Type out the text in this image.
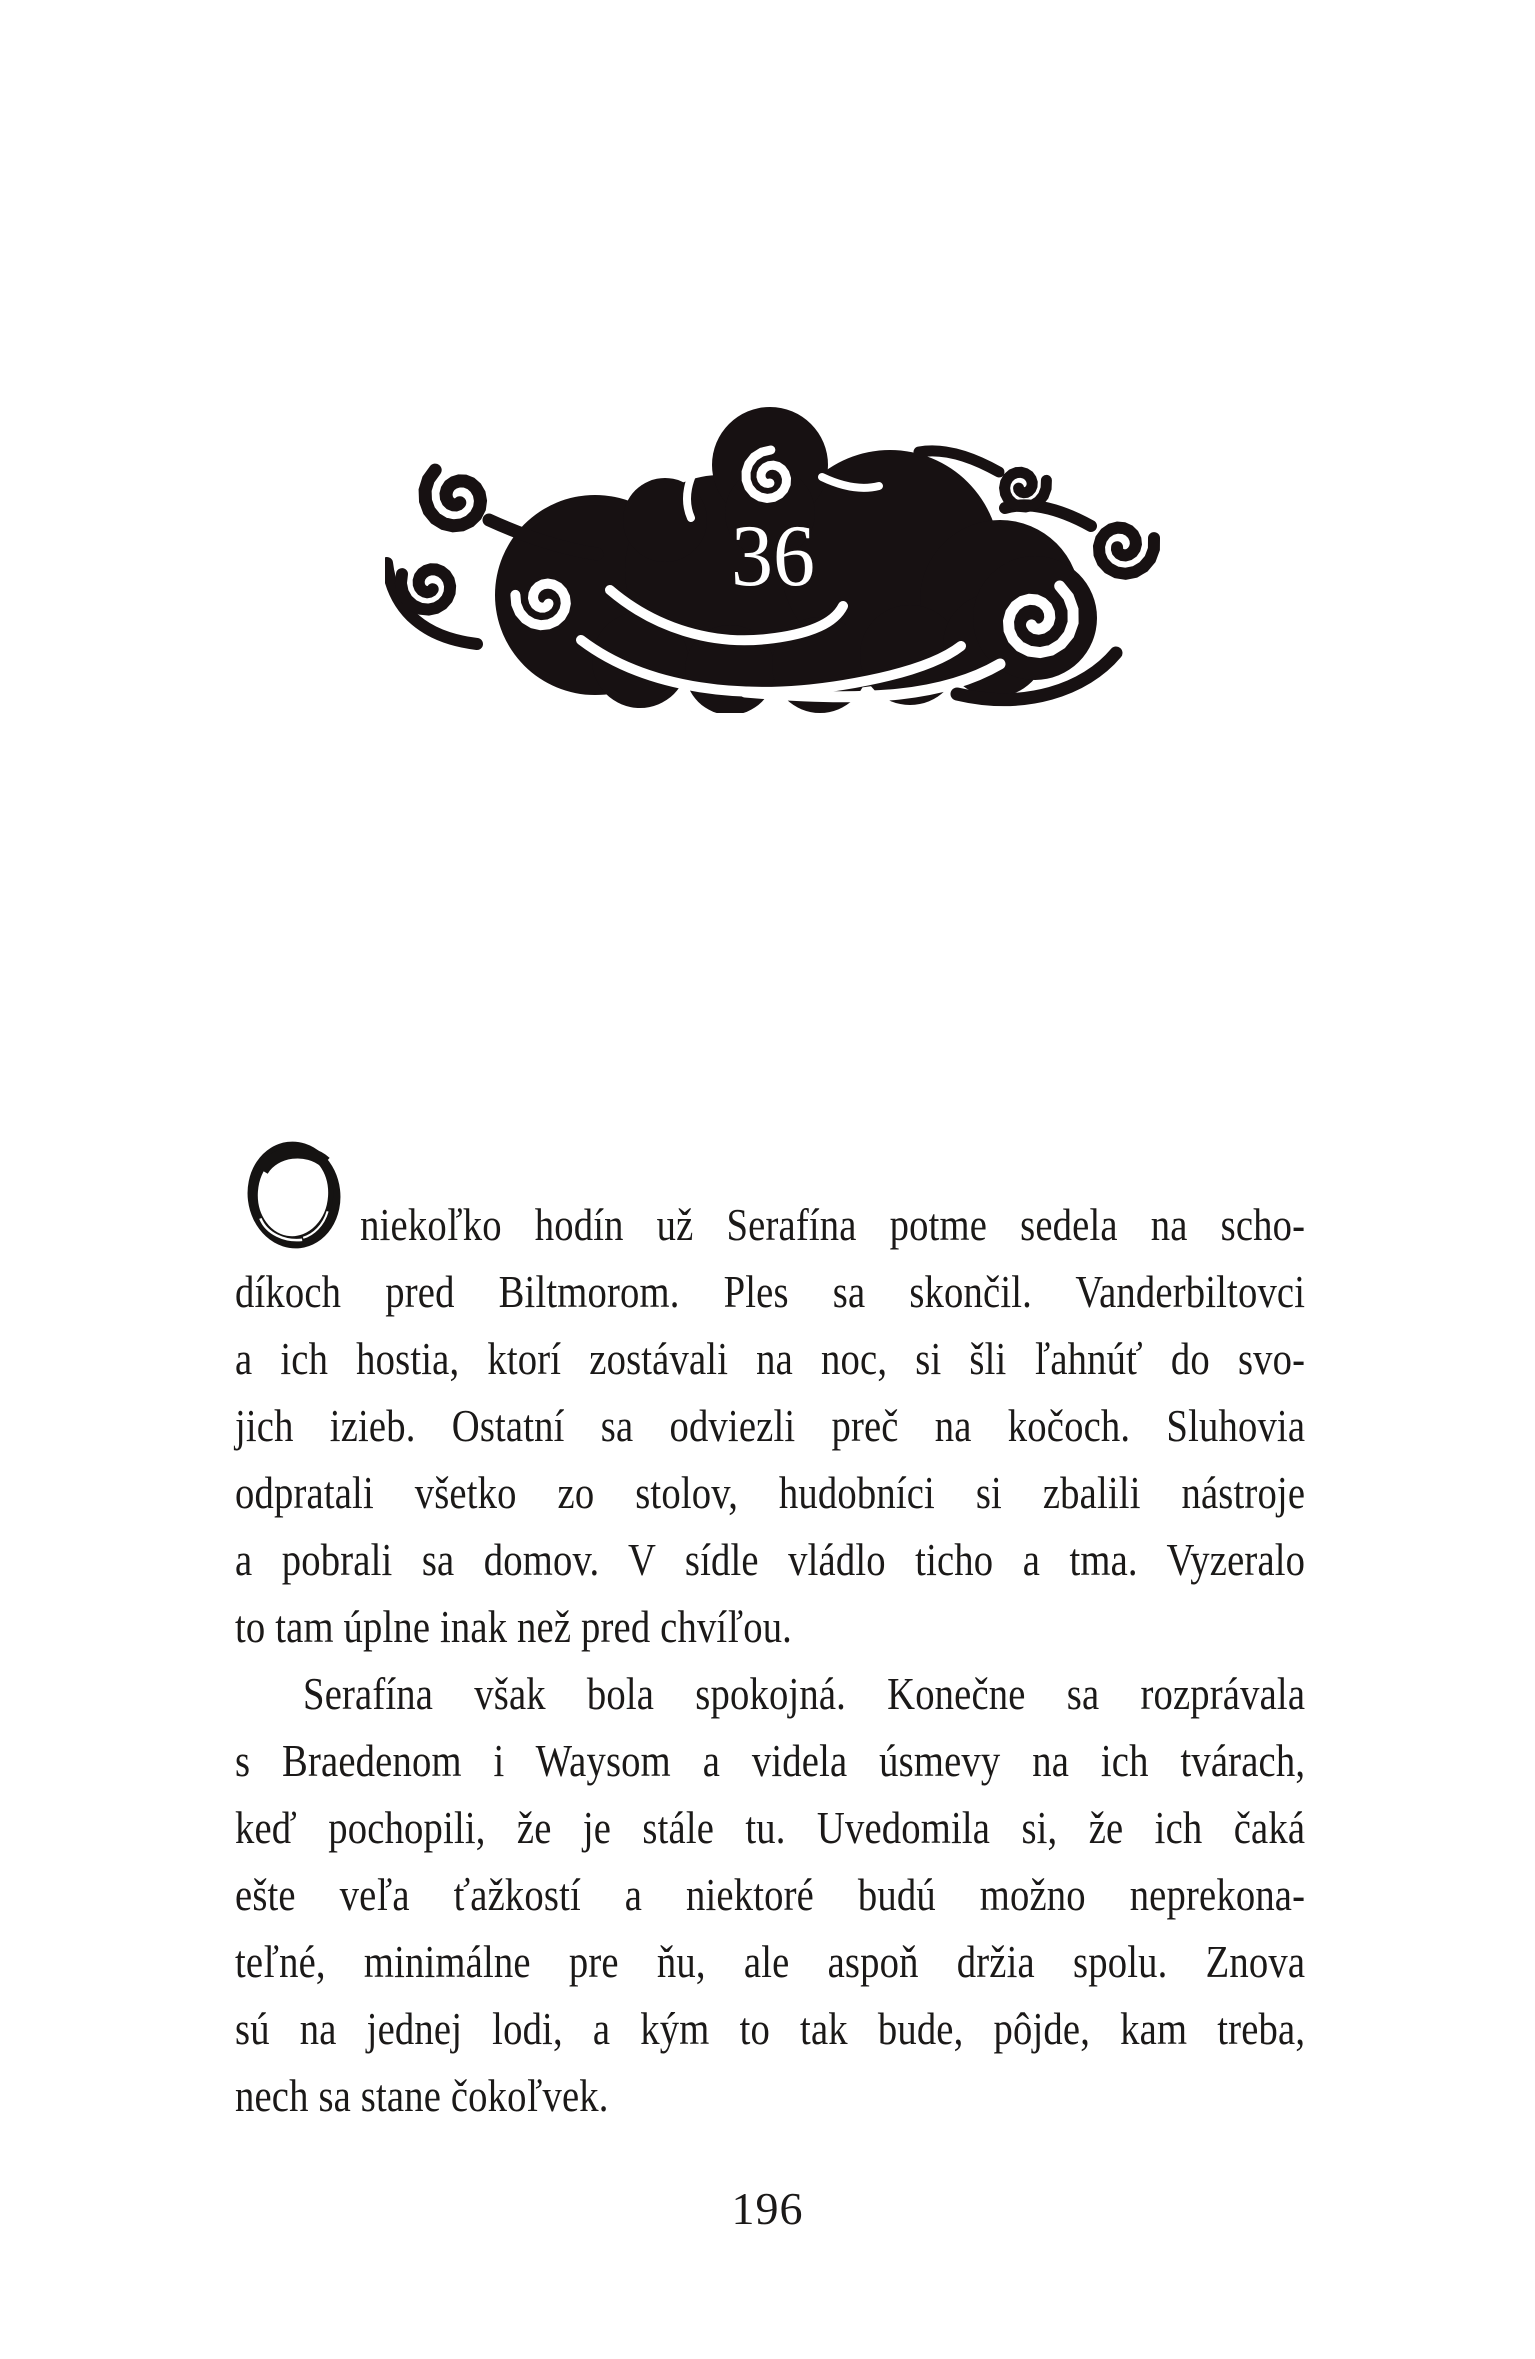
36
niekoľko hodín už Serafína potme sedela na scho-
díkoch pred Biltmorom. Ples sa skončil. Vanderbiltovci
a ich hostia, ktorí zostávali na noc, si šli ľahnúť do svo-
jich izieb. Ostatní sa odviezli preč na kočoch. Sluhovia
odpratali všetko zo stolov, hudobníci si zbalili nástroje
a pobrali sa domov. V sídle vládlo ticho a tma. Vyzeralo
to tam úplne inak než pred chvíľou.
Serafína však bola spokojná. Konečne sa rozprávala
s Braedenom i Waysom a videla úsmevy na ich tvárach,
keď pochopili, že je stále tu. Uvedomila si, že ich čaká
ešte veľa ťažkostí a niektoré budú možno neprekona-
teľné, minimálne pre ňu, ale aspoň držia spolu. Znova
sú na jednej lodi, a kým to tak bude, pôjde, kam treba,
nech sa stane čokoľvek.
196
